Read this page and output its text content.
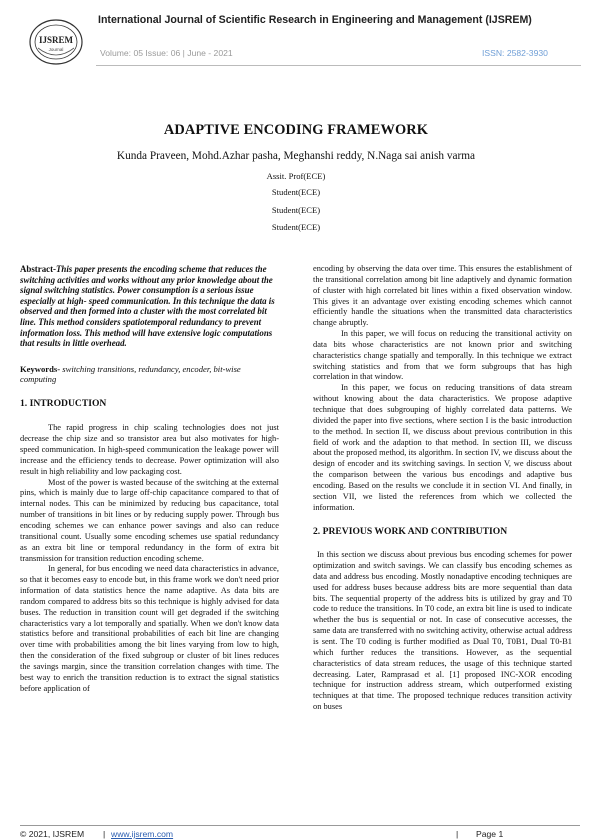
International Journal of Scientific Research in Engineering and Management (IJSREM)
IJSREM
Journal	Volume: 05 Issue: 06 | June - 2021	ISSN: 2582-3930
ADAPTIVE ENCODING FRAMEWORK
Kunda Praveen, Mohd.Azhar pasha, Meghanshi reddy, N.Naga sai anish varma
Assit. Prof(ECE)
Student(ECE)
Student(ECE)
Student(ECE)

Abstract-This paper presents the encoding scheme that reduces the switching activities and works without any prior knowledge about the signal switching statistics. Power consumption is a serious issue especially at high- speed communication. In this technique the data is observed and then formed into a cluster with the most correlated bit line. This method considers spatiotemporal redundancy to prevent information loss. This method will have extensive logic computations that results in little overhead.

Keywords- switching transitions, redundancy, encoder, bit-wise computing

1. INTRODUCTION

The rapid progress in chip scaling technologies does not just decrease the chip size and so transistor area but also motivates for high-speed communication. In high-speed communication the leakage power will increase and the efficiency tends to decrease. Power optimization will also result in high reliability and low packaging cost.

Most of the power is wasted because of the switching at the external pins, which is mainly due to large off-chip capacitance compared to that of internal nodes. This can be minimized by reducing bus capacitance, total number of transitions in bit lines or by reducing supply power. Through bus encoding schemes we can enhance power savings and also can reduce transitional count. Usually some encoding schemes use spatial redundancy as an extra bit line or temporal redundancy in the form of extra bit transmission for transition reduction encoding scheme.

In general, for bus encoding we need data characteristics in advance, so that it becomes easy to encode but, in this frame work we don't need prior information of data statistics hence the name adaptive. As data bits are random compared to address bits so this technique is highly advised for data buses. The reduction in transition count will get degraded if the switching characteristics vary a lot temporally and spatially. When we don't know data statistics before and transitional probabilities of each bit line are changing over time with probabilities among the bit lines varying from low to high, then the consideration of the fixed subgroup or cluster of bit lines reduces the savings margin, since the transition correlation changes with time. The best way to enrich the transition reduction is to extract the signal statistics before application of

encoding by observing the data over time. This ensures the establishment of the transitional correlation among bit line adaptively and dynamic formation of cluster with high correlated bit lines within a fixed observation window. This gives it an advantage over existing encoding schemes which cannot efficiently handle the situations when the transmitted data characteristics change abruptly.

In this paper, we will focus on reducing the transitional activity on data bits whose characteristics are not known prior and switching characteristics change spatially and temporally. In this technique we extract switching statistics and from that we form subgroups that has high correlation in that window.

In this paper, we focus on reducing transitions of data stream without knowing about the data characteristics. We propose adaptive technique that does subgrouping of highly correlated data patterns. We divided the paper into five sections, where section I is the basic introduction to the method. In section II, we discuss about previous contribution in this field of work and the adaption to that method. In section III, we discuss about the proposed method, its algorithm. In section IV, we discuss about the design of encoder and its switching savings. In section V, we discuss about the comparison between the various bus encodings and adaptive bus encoding. Based on the results we conclude it in section VI. And finally, in section VII, we listed the references from which we collected the information.

2. PREVIOUS WORK AND CONTRIBUTION

In this section we discuss about previous bus encoding schemes for power optimization and switch savings. We can classify bus encoding schemes as data and address bus encoding. Mostly nonadaptive encoding techniques are used for address buses because address bits are more sequential than data bits. The sequential property of the address bits is utilized by gray and T0 code to reduce the transitions. In T0 code, an extra bit line is used to indicate whether the bus is sequential or not. In case of consecutive accesses, the same data are transferred with no switching activity, otherwise actual address is sent. The T0 coding is further modified as Dual T0, T0B1, Dual T0-B1 which further reduces the transitions. However, as the sequential characteristics of data stream reduces, the usage of this technique started decreasing. Later, Ramprasad et al. [1] proposed INC-XOR encoding technique for instruction address stream, which outperformed existing techniques at that time. The proposed technique reduces transition activity on buses

© 2021, IJSREM | www.ijsrem.com	| Page 1
